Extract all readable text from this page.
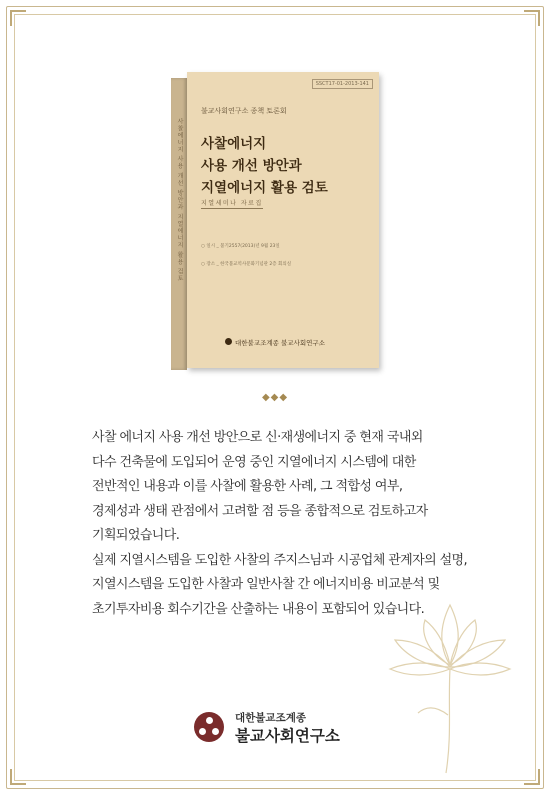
사찰에너지 사용 개선 방안과 지열에너지 활용 검토
SSCT17-01-2013-141
불교사회연구소 종책 토론회
사찰에너지
사용 개선 방안과
지열에너지 활용 검토
지열세미나 자료집
○ 일시 _ 불기2557(2013)년 9월 23일
○ 장소 _ 한국불교역사문화기념관 2층 회의실
대한불교조계종 불교사회연구소
◆◆◆
사찰 에너지 사용 개선 방안으로 신·재생에너지 중 현재 국내외
다수 건축물에 도입되어 운영 중인 지열에너지 시스템에 대한
전반적인 내용과 이를 사찰에 활용한 사례, 그 적합성 여부,
경제성과 생태 관점에서 고려할 점 등을 종합적으로 검토하고자
기획되었습니다.
실제 지열시스템을 도입한 사찰의 주지스님과 시공업체 관계자의 설명,
지열시스템을 도입한 사찰과 일반사찰 간 에너지비용 비교분석 및
초기투자비용 회수기간을 산출하는 내용이 포함되어 있습니다.
대한불교조계종
불교사회연구소
